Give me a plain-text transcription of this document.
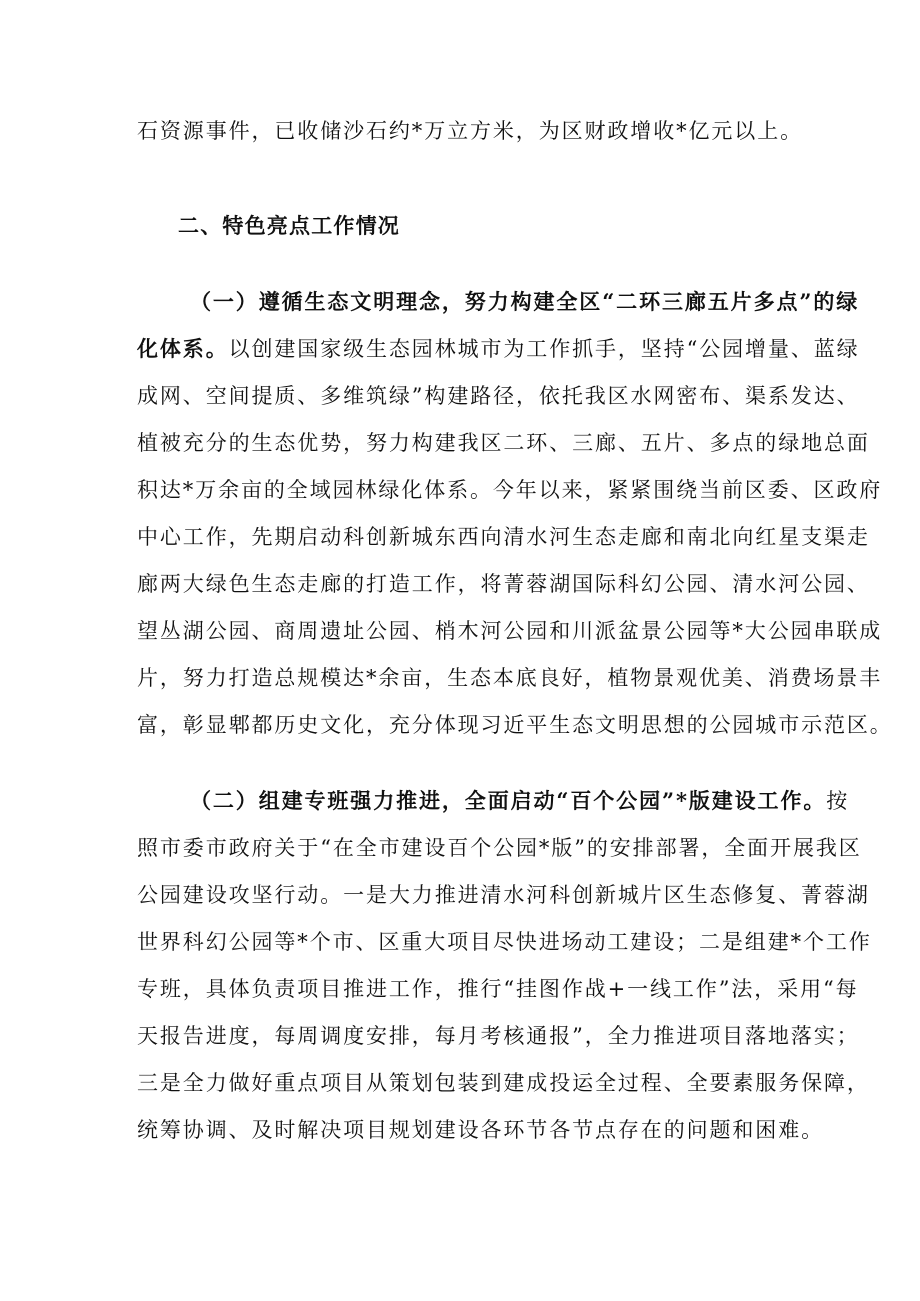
石资源事件，已收储沙石约*万立方米，为区财政增收*亿元以上。
二、特色亮点工作情况
（一）遵循生态文明理念，努力构建全区“二环三廊五片多点”的绿
化体系。以创建国家级生态园林城市为工作抓手，坚持“公园增量、蓝绿
成网、空间提质、多维筑绿”构建路径，依托我区水网密布、渠系发达、
植被充分的生态优势，努力构建我区二环、三廊、五片、多点的绿地总面
积达*万余亩的全域园林绿化体系。今年以来，紧紧围绕当前区委、区政府
中心工作，先期启动科创新城东西向清水河生态走廊和南北向红星支渠走
廊两大绿色生态走廊的打造工作，将菁蓉湖国际科幻公园、清水河公园、
望丛湖公园、商周遗址公园、梢木河公园和川派盆景公园等*大公园串联成
片，努力打造总规模达*余亩，生态本底良好，植物景观优美、消费场景丰
富，彰显郫都历史文化，充分体现习近平生态文明思想的公园城市示范区。
（二）组建专班强力推进，全面启动“百个公园”*版建设工作。按
照市委市政府关于“在全市建设百个公园*版”的安排部署，全面开展我区
公园建设攻坚行动。一是大力推进清水河科创新城片区生态修复、菁蓉湖
世界科幻公园等*个市、区重大项目尽快进场动工建设；二是组建*个工作
专班，具体负责项目推进工作，推行“挂图作战+一线工作”法，采用“每
天报告进度，每周调度安排，每月考核通报”，全力推进项目落地落实；
三是全力做好重点项目从策划包装到建成投运全过程、全要素服务保障，
统筹协调、及时解决项目规划建设各环节各节点存在的问题和困难。
